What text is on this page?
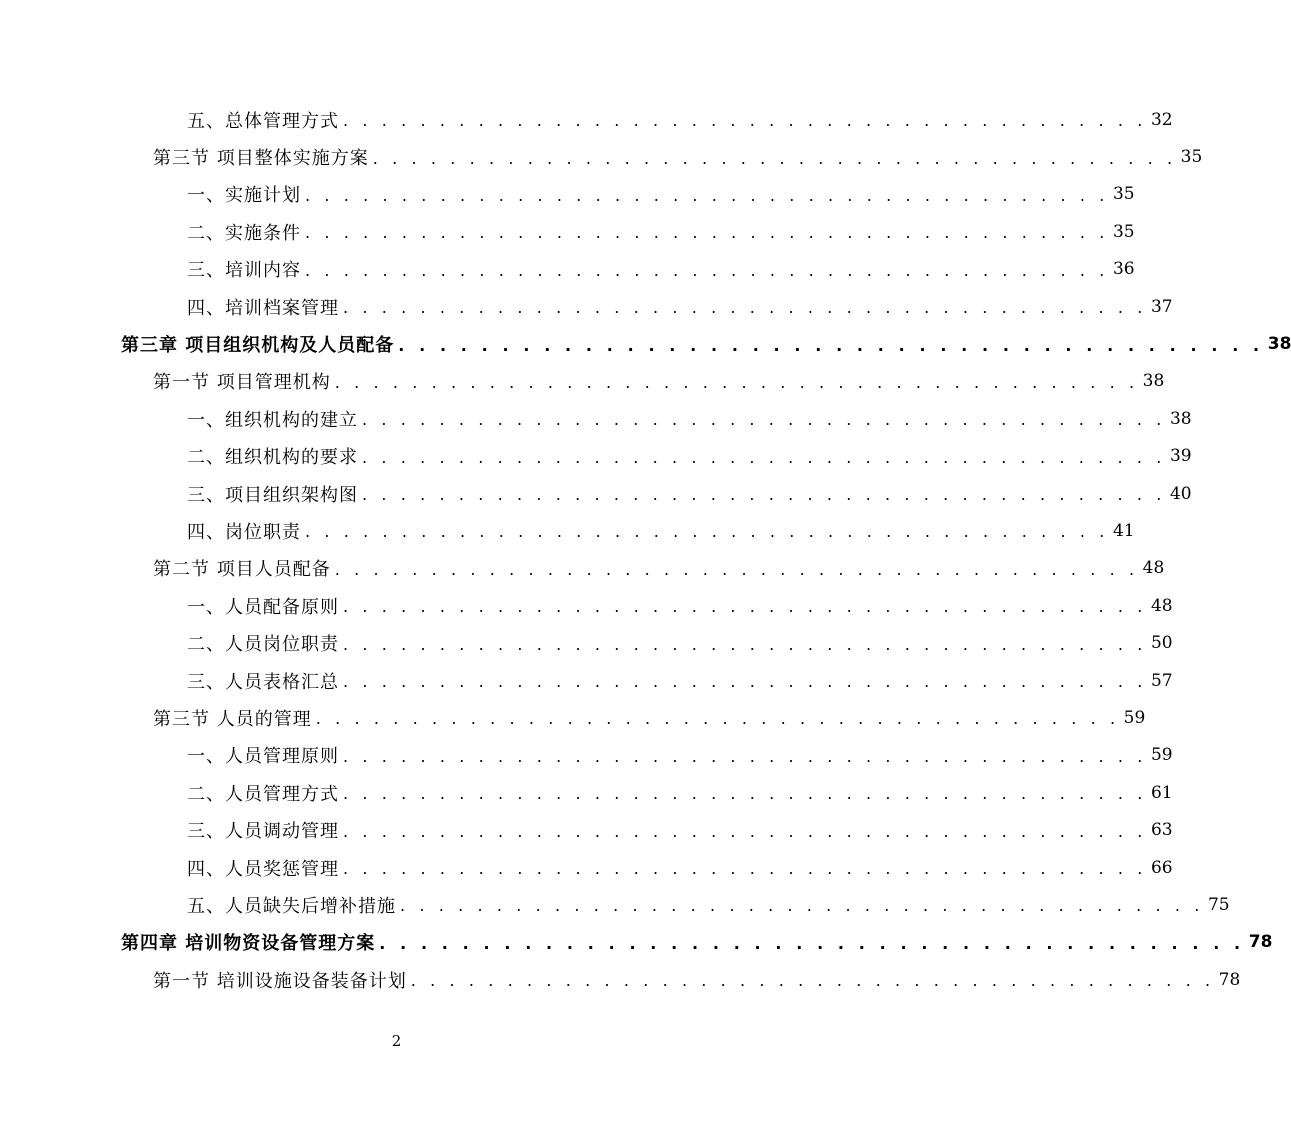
五、总体管理方式 . . . . . . . . . . . . . . . . . . . . . . . . . . . . . . . . . . . . . . . . . . 32
第三节 项目整体实施方案 . . . . . . . . . . . . . . . . . . . . . . . . . . . . . . . . . . . . . . . . . . 35
一、实施计划 . . . . . . . . . . . . . . . . . . . . . . . . . . . . . . . . . . . . . . . . . . 35
二、实施条件 . . . . . . . . . . . . . . . . . . . . . . . . . . . . . . . . . . . . . . . . . . 35
三、培训内容 . . . . . . . . . . . . . . . . . . . . . . . . . . . . . . . . . . . . . . . . . . 36
四、培训档案管理 . . . . . . . . . . . . . . . . . . . . . . . . . . . . . . . . . . . . . . . . . . 37
第三章 项目组织机构及人员配备 . . . . . . . . . . . . . . . . . . . . . . . . . . . . . . . . . . . . . . . . . . 38
第一节 项目管理机构 . . . . . . . . . . . . . . . . . . . . . . . . . . . . . . . . . . . . . . . . . . 38
一、组织机构的建立 . . . . . . . . . . . . . . . . . . . . . . . . . . . . . . . . . . . . . . . . . . 38
二、组织机构的要求 . . . . . . . . . . . . . . . . . . . . . . . . . . . . . . . . . . . . . . . . . . 39
三、项目组织架构图 . . . . . . . . . . . . . . . . . . . . . . . . . . . . . . . . . . . . . . . . . . 40
四、岗位职责 . . . . . . . . . . . . . . . . . . . . . . . . . . . . . . . . . . . . . . . . . . 41
第二节 项目人员配备 . . . . . . . . . . . . . . . . . . . . . . . . . . . . . . . . . . . . . . . . . . 48
一、人员配备原则 . . . . . . . . . . . . . . . . . . . . . . . . . . . . . . . . . . . . . . . . . . 48
二、人员岗位职责 . . . . . . . . . . . . . . . . . . . . . . . . . . . . . . . . . . . . . . . . . . 50
三、人员表格汇总 . . . . . . . . . . . . . . . . . . . . . . . . . . . . . . . . . . . . . . . . . . 57
第三节 人员的管理 . . . . . . . . . . . . . . . . . . . . . . . . . . . . . . . . . . . . . . . . . . 59
一、人员管理原则 . . . . . . . . . . . . . . . . . . . . . . . . . . . . . . . . . . . . . . . . . . 59
二、人员管理方式 . . . . . . . . . . . . . . . . . . . . . . . . . . . . . . . . . . . . . . . . . . 61
三、人员调动管理 . . . . . . . . . . . . . . . . . . . . . . . . . . . . . . . . . . . . . . . . . . 63
四、人员奖惩管理 . . . . . . . . . . . . . . . . . . . . . . . . . . . . . . . . . . . . . . . . . . 66
五、人员缺失后增补措施 . . . . . . . . . . . . . . . . . . . . . . . . . . . . . . . . . . . . . . . . . . 75
第四章 培训物资设备管理方案 . . . . . . . . . . . . . . . . . . . . . . . . . . . . . . . . . . . . . . . . . . 78
第一节 培训设施设备装备计划 . . . . . . . . . . . . . . . . . . . . . . . . . . . . . . . . . . . . . . . . . . 78
2
